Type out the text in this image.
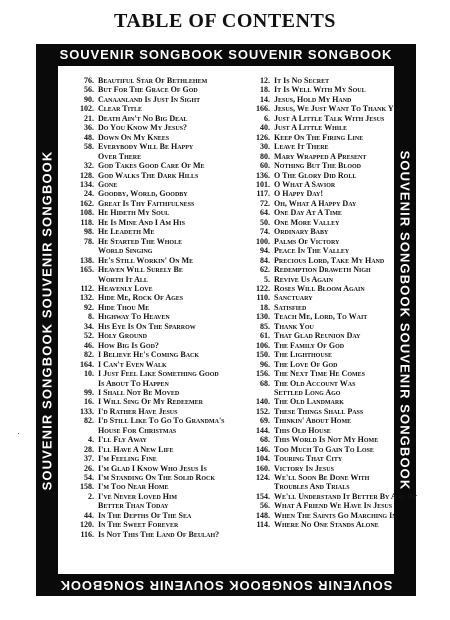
TABLE OF CONTENTS
SOUVENIR SONGBOOK SOUVENIR SONGBOOK
SOUVENIR SONGBOOK SOUVENIR SONGBOOK	SOUVENIR SONGBOOK SOUVENIR SONGBOOK
SOUVENIR SONGBOOK SOUVENIR SONGBOOK
76. Beautiful Star Of Bethlehem
56. But For The Grace Of God
90. Canaanland Is Just In Sight
102. Clear Title
21. Death Ain't No Big Deal
36. Do You Know My Jesus?
48. Down On My Knees
58. Everybody Will Be Happy
Over There
32. God Takes Good Care Of Me
128. God Walks The Dark Hills
134. Gone
24. Goodby, World, Goodby
162. Great Is Thy Faithfulness
108. He Hideth My Soul
118. He Is Mine And I Am His
98. He Leadeth Me
78. He Started The Whole
World Singing
138. He's Still Workin' On Me
165. Heaven Will Surely Be
Worth It All
112. Heavenly Love
132. Hide Me, Rock Of Ages
92. Hide Thou Me
8. Highway To Heaven
34. His Eye Is On The Sparrow
52. Holy Ground
46. How Big Is God?
82. I Believe He's Coming Back
164. I Can't Even Walk
10. I Just Feel Like Something Good
Is About To Happen
99. I Shall Not Be Moved
16. I Will Sing Of My Redeemer
133. I'd Rather Have Jesus
82. I'd Still Like To Go To Grandma's
House For Christmas
4. I'll Fly Away
28. I'll Have A New Life
37. I'm Feeling Fine
26. I'm Glad I Know Who Jesus Is
54. I'm Standing On The Solid Rock
158. I'm Too Near Home
2. I've Never Loved Him
Better Than Today
44. In The Depths Of The Sea
120. In The Sweet Forever
116. Is Not This The Land Of Beulah?
12. It Is No Secret
18. It Is Well With My Soul
14. Jesus, Hold My Hand
166. Jesus, We Just Want To Thank You
6. Just A Little Talk With Jesus
40. Just A Little While
126. Keep On The Firing Line
30. Leave It There
80. Mary Wrapped A Present
60. Nothing But The Blood
136. O The Glory Did Roll
101. O What A Savior
117. O Happy Day!
72. Oh, What A Happy Day
64. One Day At A Time
50. One More Valley
74. Ordinary Baby
100. Palms Of Victory
94. Peace In The Valley
84. Precious Lord, Take My Hand
62. Redemption Draweth Nigh
5. Revive Us Again
122. Roses Will Bloom Again
110. Sanctuary
18. Satisfied
130. Teach Me, Lord, To Wait
85. Thank You
61. That Glad Reunion Day
106. The Family Of God
150. The Lighthouse
96. The Love Of God
156. The Next Time He Comes
68. The Old Account Was
Settled Long Ago
140. The Old Landmark
152. These Things Shall Pass
69. Thinkin' About Home
144. This Old House
68. This World Is Not My Home
146. Too Much To Gain To Lose
104. Touring That City
160. Victory In Jesus
124. We'll Soon Be Done With
Troubles And Trials
154. We'll Understand It Better By And By
56. What A Friend We Have In Jesus
148. When The Saints Go Marching In
114. Where No One Stands Alone
